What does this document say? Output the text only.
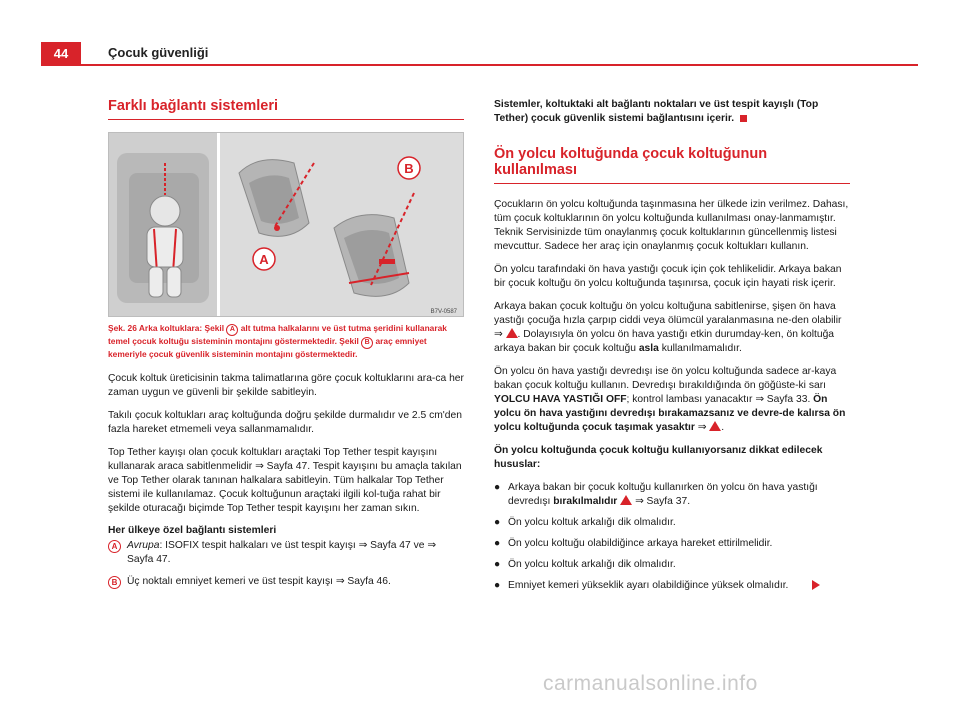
44	Çocuk güvenliği
Farklı bağlantı sistemleri
B
A
B7V-0587
Şek. 26 Arka koltuklara: Şekil A alt tutma halkalarını ve üst tutma şeridini kullanarak temel çocuk koltuğu sisteminin montajını göstermektedir. Şekil B araç emniyet kemeriyle çocuk güvenlik sisteminin montajını göstermektedir.

Çocuk koltuk üreticisinin takma talimatlarına göre çocuk koltuklarını ara-ca her zaman uygun ve güvenli bir şekilde sabitleyin.

Takılı çocuk koltukları araç koltuğunda doğru şekilde durmalıdır ve 2.5 cm'den fazla hareket etmemeli veya sallanmamalıdır.

Top Tether kayışı olan çocuk koltukları araçtaki Top Tether tespit kayışını kullanarak araca sabitlenmelidir ⇒ Sayfa 47. Tespit kayışını bu amaçla takılan ve Top Tether olarak tanınan halkalara sabitleyin. Tüm halkalar Top Tether sistemi ile kullanılamaz. Çocuk koltuğunun araçtaki ilgili kol-tuğa rahat bir şekilde oturacağı biçimde Top Tether tespit kayışını her zaman sıkın.

Her ülkeye özel bağlantı sistemleri

A Avrupa: ISOFIX tespit halkaları ve üst tespit kayışı ⇒ Sayfa 47 ve ⇒ Sayfa 47.
B Üç noktalı emniyet kemeri ve üst tespit kayışı ⇒ Sayfa 46.

Sistemler, koltuktaki alt bağlantı noktaları ve üst tespit kayışlı (Top Tether) çocuk güvenlik sistemi bağlantısını içerir.

Ön yolcu koltuğunda çocuk koltuğunun kullanılması

Çocukların ön yolcu koltuğunda taşınmasına her ülkede izin verilmez. Dahası, tüm çocuk koltuklarının ön yolcu koltuğunda kullanılması onay-lanmamıştır. Teknik Servisinizde tüm onaylanmış çocuk koltuklarının güncellenmiş listesi mevcuttur. Sadece her araç için onaylanmış çocuk koltukları kullanın.

Ön yolcu tarafındaki ön hava yastığı çocuk için çok tehlikelidir. Arkaya bakan bir çocuk koltuğu ön yolcu koltuğunda taşınırsa, çocuk için hayati risk içerir.

Arkaya bakan çocuk koltuğu ön yolcu koltuğuna sabitlenirse, şişen ön hava yastığı çocuğa hızla çarpıp ciddi veya ölümcül yaralanmasına ne-den olabilir ⇒ . Dolayısıyla ön yolcu ön hava yastığı etkin durumday-ken, ön koltuğa arkaya bakan bir çocuk koltuğu asla kullanılmamalıdır.

Ön yolcu ön hava yastığı devredışı ise ön yolcu koltuğunda sadece ar-kaya bakan çocuk koltuğu kullanın. Devredışı bırakıldığında ön göğüste-ki sarı YOLCU HAVA YASTIĞI OFF; kontrol lambası yanacaktır ⇒ Sayfa 33. Ön yolcu ön hava yastığını devredışı bırakamazsanız ve devre-de kalırsa ön yolcu koltuğunda çocuk taşımak yasaktır ⇒ .

Ön yolcu koltuğunda çocuk koltuğu kullanıyorsanız dikkat edilecek hususlar:

● Arkaya bakan bir çocuk koltuğu kullanırken ön yolcu ön hava yastığı devredışı bırakılmalıdır  ⇒ Sayfa 37.
● Ön yolcu koltuk arkalığı dik olmalıdır.
● Ön yolcu koltuğu olabildiğince arkaya hareket ettirilmelidir.
● Ön yolcu koltuk arkalığı dik olmalıdır.
● Emniyet kemeri yükseklik ayarı olabildiğince yüksek olmalıdır.
carmanualsonline.info
